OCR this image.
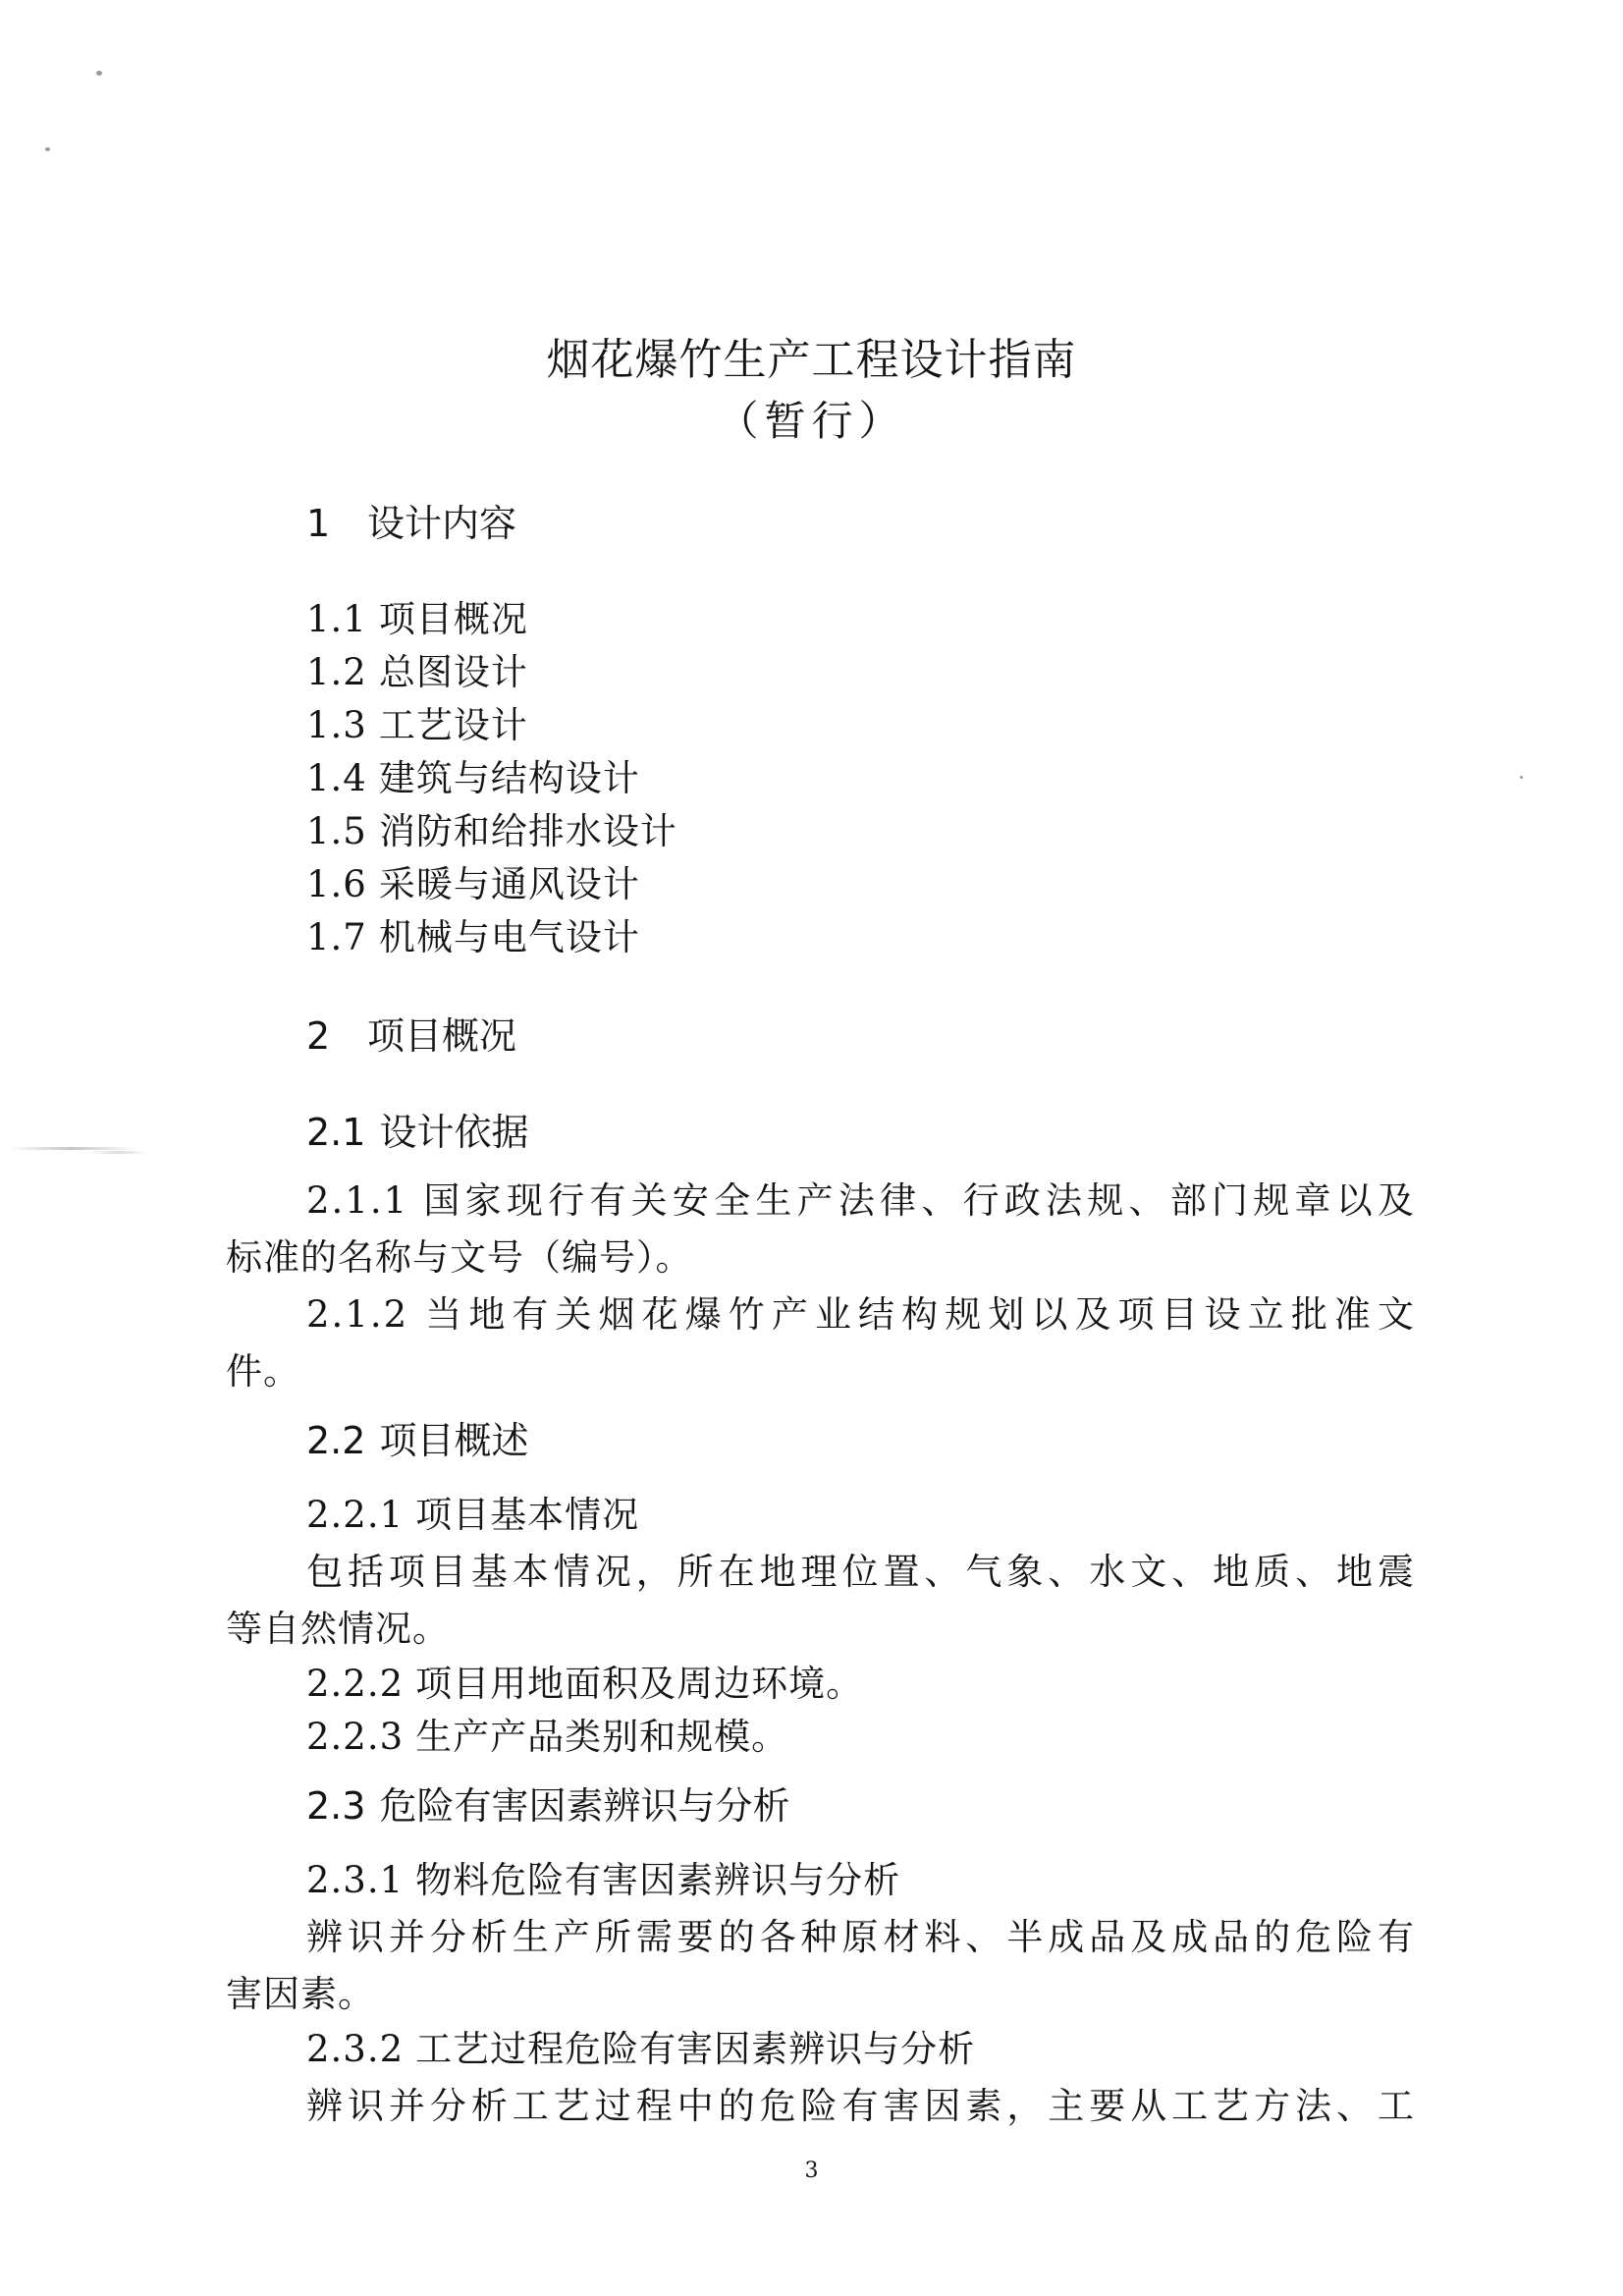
烟花爆竹生产工程设计指南
（暂行）
1 设计内容
1.1 项目概况
1.2 总图设计
1.3 工艺设计
1.4 建筑与结构设计
1.5 消防和给排水设计
1.6 采暖与通风设计
1.7 机械与电气设计
2 项目概况
2.1 设计依据
2.1.1 国家现行有关安全生产法律、行政法规、部门规章以及
标准的名称与文号（编号）。
2.1.2 当地有关烟花爆竹产业结构规划以及项目设立批准文
件。
2.2 项目概述
2.2.1 项目基本情况
包括项目基本情况，所在地理位置、气象、水文、地质、地震
等自然情况。
2.2.2 项目用地面积及周边环境。
2.2.3 生产产品类别和规模。
2.3 危险有害因素辨识与分析
2.3.1 物料危险有害因素辨识与分析
辨识并分析生产所需要的各种原材料、半成品及成品的危险有
害因素。
2.3.2 工艺过程危险有害因素辨识与分析
辨识并分析工艺过程中的危险有害因素，主要从工艺方法、工
3
